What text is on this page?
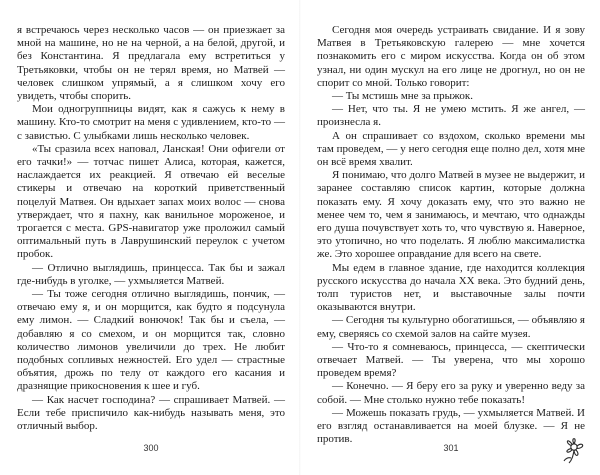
я встречаюсь через несколько часов — он приезжает за мной на машине, но не на черной, а на белой, другой, и без Константина. Я предлагала ему встретиться у Третьяковки, чтобы он не терял время, но Матвей — человек слишком упрямый, а я слишком хочу его увидеть, чтобы спорить.

Мои одногруппницы видят, как я сажусь к нему в машину. Кто-то смотрит на меня с удивлением, кто-то — с завистью. С улыбками лишь несколько человек.

«Ты сразила всех наповал, Ланская! Они офигели от его тачки!» — тотчас пишет Алиса, которая, кажется, наслаждается их реакцией. Я отвечаю ей веселые стикеры и отвечаю на короткий приветственный поцелуй Матвея. Он вдыхает запах моих волос — снова утверждает, что я пахну, как ванильное мороженое, и трогается с места. GPS-навигатор уже проложил самый оптимальный путь в Лаврушинский переулок с учетом пробок.

— Отлично выглядишь, принцесса. Так бы и зажал где-нибудь в уголке, — ухмыляется Матвей.

— Ты тоже сегодня отлично выглядишь, пончик, — отвечаю ему я, и он морщится, как будто я подсунула ему лимон. — Сладкий вонючок! Так бы и съела, — добавляю я со смехом, и он морщится так, словно количество лимонов увеличили до трех. Не любит подобных сопливых нежностей. Его удел — страстные объятия, дрожь по телу от каждого его касания и дразнящие прикосновения к шее и губ.

— Как насчет господина? — спрашивает Матвей. — Если тебе приспичило как-нибудь называть меня, это отличный выбор.

Сегодня моя очередь устраивать свидание. И я зову Матвея в Третьяковскую галерею — мне хочется познакомить его с миром искусства. Когда он об этом узнал, ни один мускул на его лице не дрогнул, но он не спорит со мной. Только говорит:

— Ты мстишь мне за прыжок.

— Нет, что ты. Я не умею мстить. Я же ангел, — произнесла я.

А он спрашивает со вздохом, сколько времени мы там проведем, — у него сегодня еще полно дел, хотя мне он всё время хвалит.

Я понимаю, что долго Матвей в музее не выдержит, и заранее составляю список картин, которые должна показать ему. Я хочу доказать ему, что это важно не менее чем то, чем я занимаюсь, и мечтаю, что однажды его душа почувствует хоть то, что чувствую я. Наверное, это утопично, но что поделать. Я люблю максималистка же. Это хорошее оправдание для всего на свете.

Мы едем в главное здание, где находится коллекция русского искусства до начала XX века. Это будний день, толп туристов нет, и выставочные залы почти оказываются внутри.

— Сегодня ты культурно обогатишься, — объявляю я ему, сверяясь со схемой залов на сайте музея.

— Что-то я сомневаюсь, принцесса, — скептически отвечает Матвей. — Ты уверена, что мы хорошо проведем время?

— Конечно. — Я беру его за руку и уверенно веду за собой. — Мне столько нужно тебе показать!

— Можешь показать грудь, — ухмыляется Матвей. И его взгляд останавливается на моей блузке. — Я не против.

300	301
